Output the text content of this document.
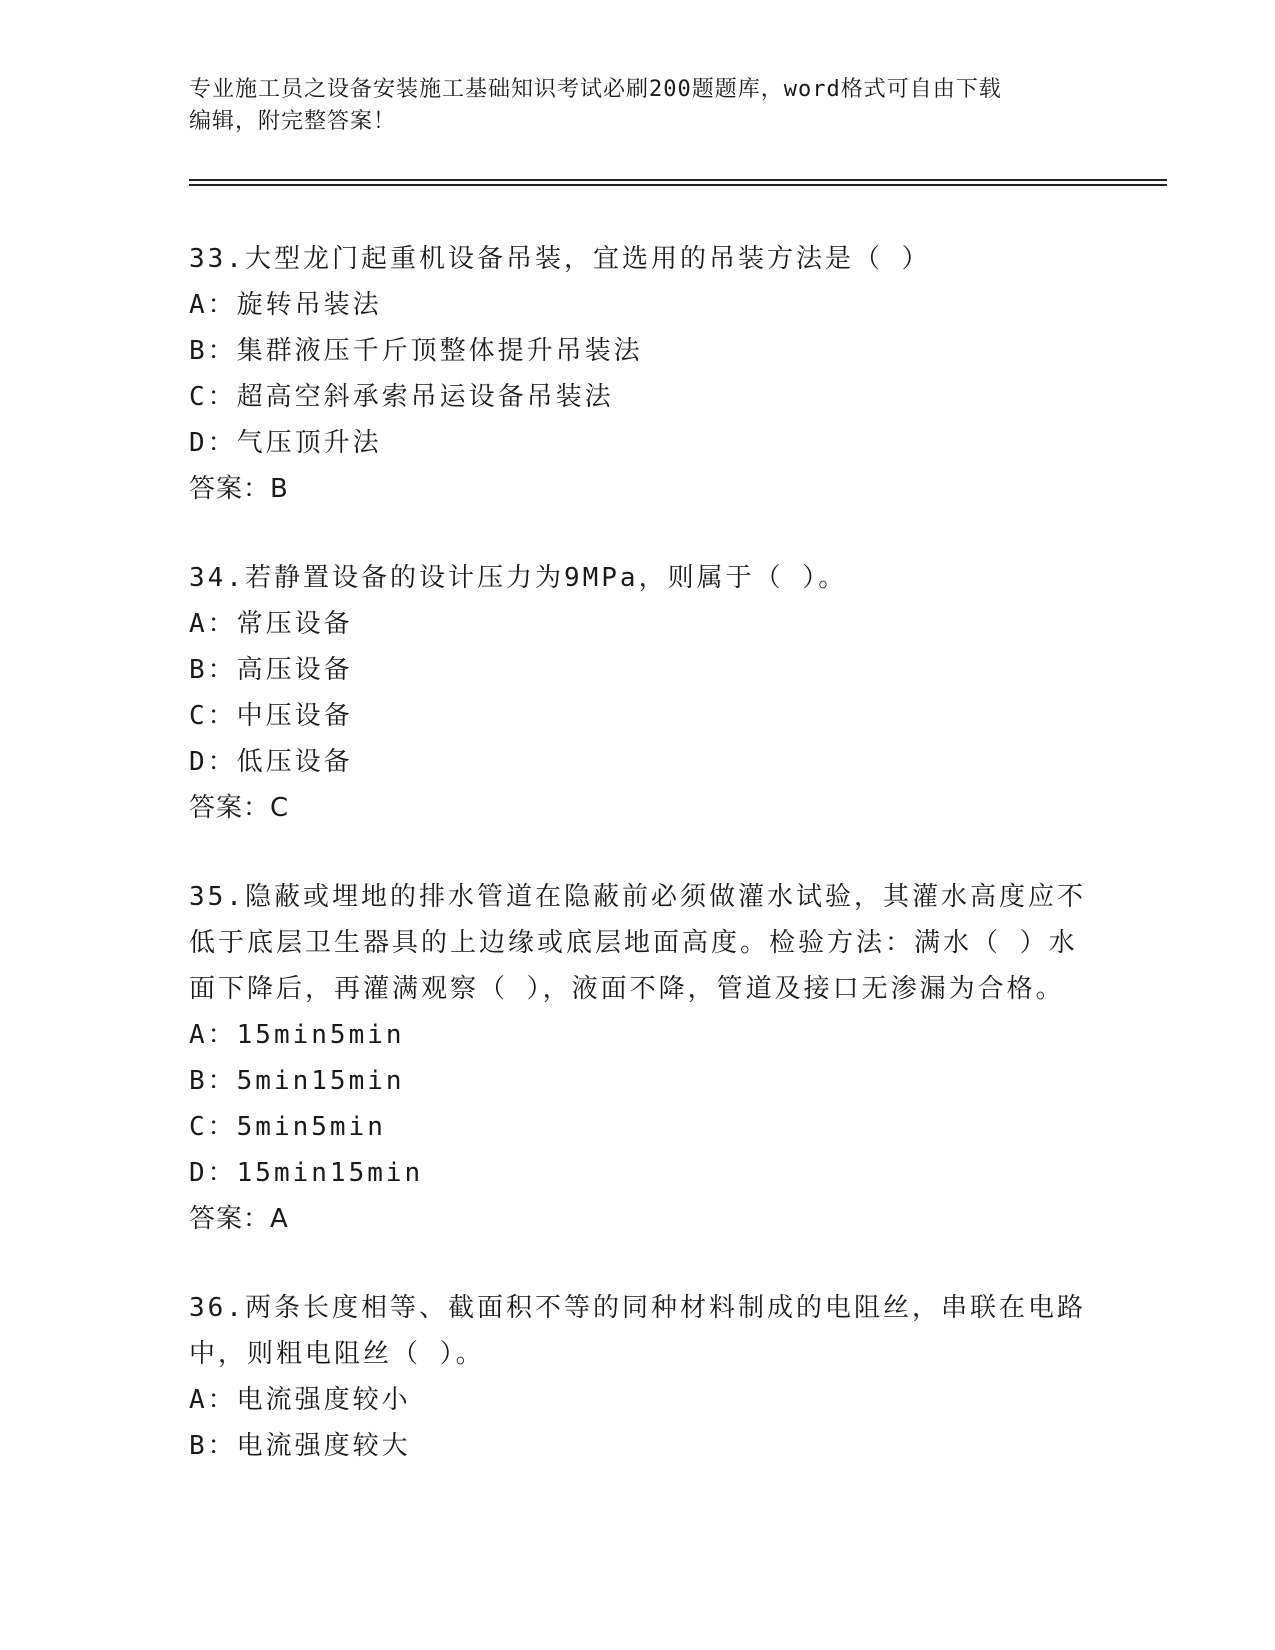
专业施工员之设备安装施工基础知识考试必刷200题题库，word格式可自由下载
编辑，附完整答案！
33.大型龙门起重机设备吊装，宜选用的吊装方法是（ ）
A：旋转吊装法
B：集群液压千斤顶整体提升吊装法
C：超高空斜承索吊运设备吊装法
D：气压顶升法
答案：B
34.若静置设备的设计压力为9MPa，则属于（ ）。
A：常压设备
B：高压设备
C：中压设备
D：低压设备
答案：C
35.隐蔽或埋地的排水管道在隐蔽前必须做灌水试验，其灌水高度应不
低于底层卫生器具的上边缘或底层地面高度。检验方法：满水（ ）水
面下降后，再灌满观察（ ），液面不降，管道及接口无渗漏为合格。
A：15min5min
B：5min15min
C：5min5min
D：15min15min
答案：A
36.两条长度相等、截面积不等的同种材料制成的电阻丝，串联在电路
中，则粗电阻丝（ ）。
A：电流强度较小
B：电流强度较大
